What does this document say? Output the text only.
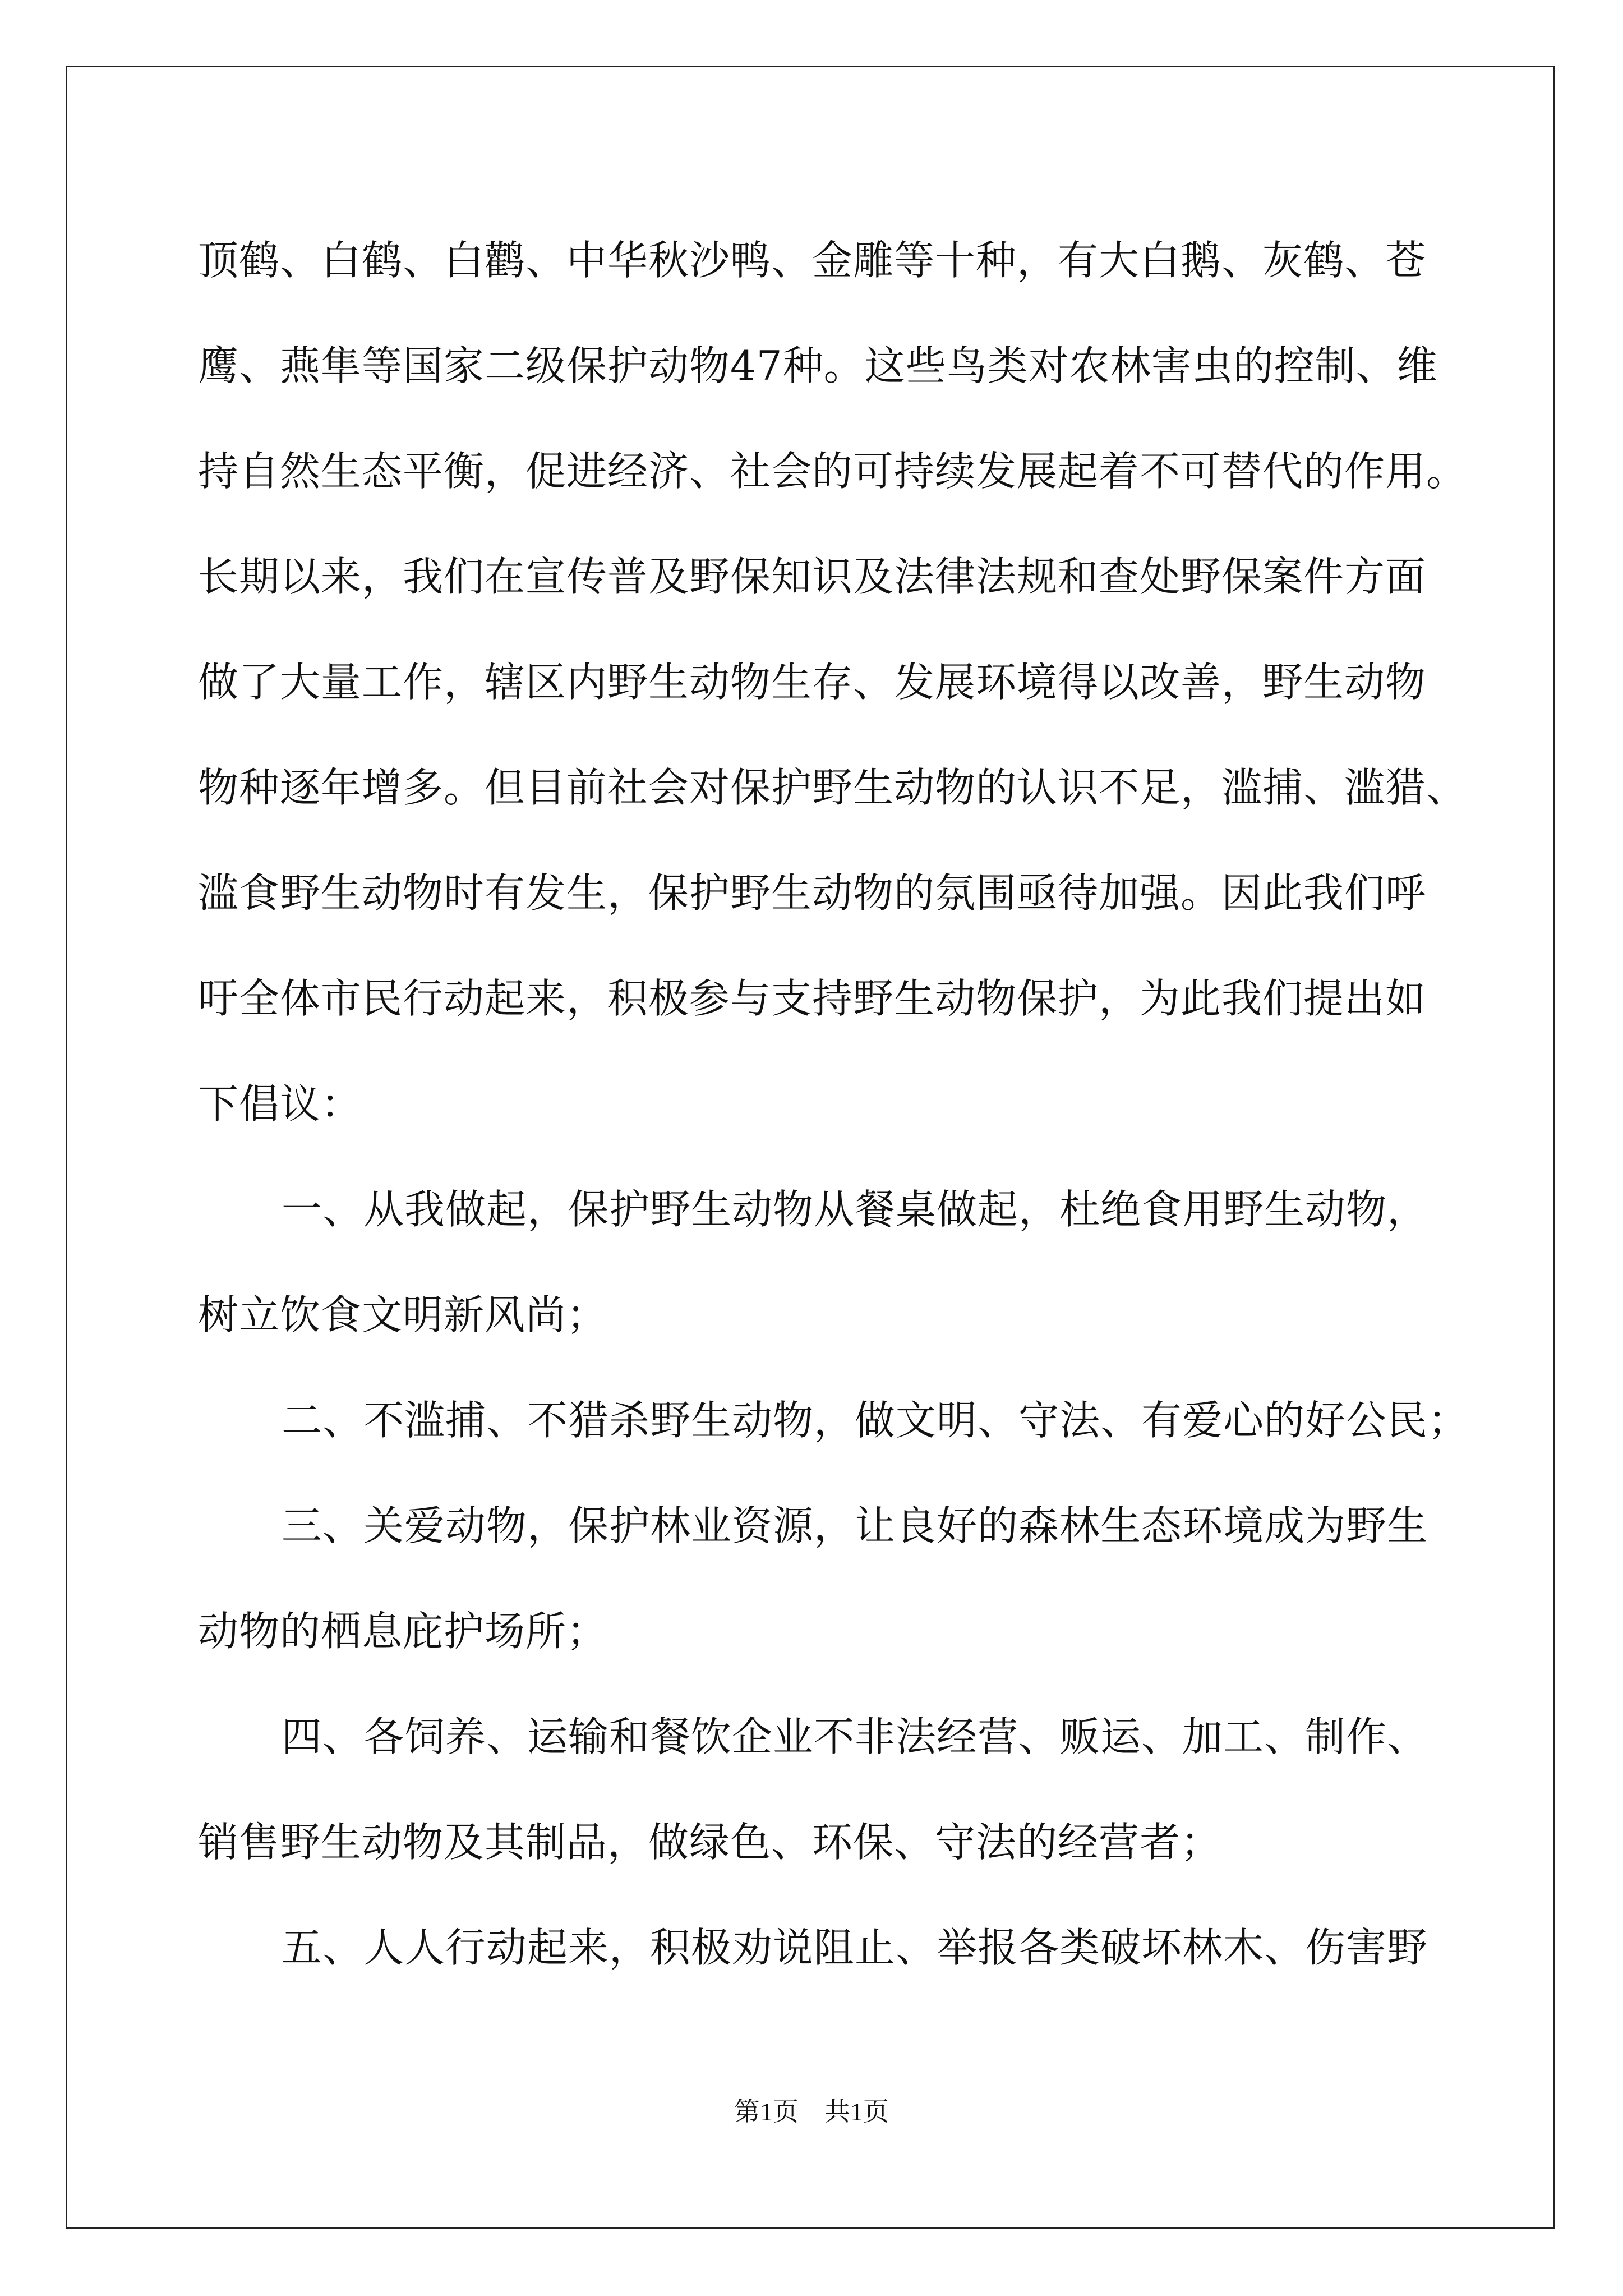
顶鹤、白鹤、白鹳、中华秋沙鸭、金雕等十种，有大白鹅、灰鹤、苍
鹰、燕隼等国家二级保护动物47种。这些鸟类对农林害虫的控制、维
持自然生态平衡，促进经济、社会的可持续发展起着不可替代的作用。
长期以来，我们在宣传普及野保知识及法律法规和查处野保案件方面
做了大量工作，辖区内野生动物生存、发展环境得以改善，野生动物
物种逐年增多。但目前社会对保护野生动物的认识不足，滥捕、滥猎、
滥食野生动物时有发生，保护野生动物的氛围亟待加强。因此我们呼
吁全体市民行动起来，积极参与支持野生动物保护，为此我们提出如
下倡议：
一、从我做起，保护野生动物从餐桌做起，杜绝食用野生动物，
树立饮食文明新风尚；
二、不滥捕、不猎杀野生动物，做文明、守法、有爱心的好公民；
三、关爱动物，保护林业资源，让良好的森林生态环境成为野生
动物的栖息庇护场所；
四、各饲养、运输和餐饮企业不非法经营、贩运、加工、制作、
销售野生动物及其制品，做绿色、环保、守法的经营者；
五、人人行动起来，积极劝说阻止、举报各类破坏林木、伤害野
第1页　共1页
